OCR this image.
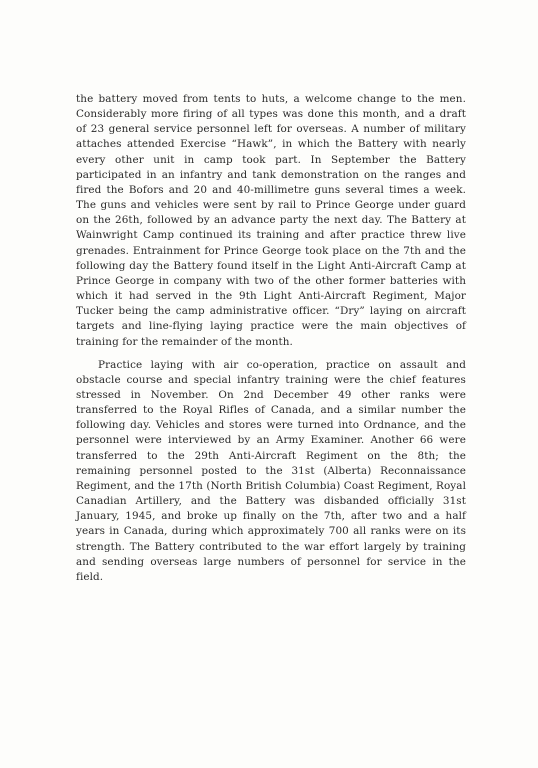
the battery moved from tents to huts, a welcome change to the men. Considerably more firing of all types was done this month, and a draft of 23 general service personnel left for overseas. A number of military attaches attended Exercise “Hawk”, in which the Battery with nearly every other unit in camp took part. In September the Battery participated in an infantry and tank demonstration on the ranges and fired the Bofors and 20 and 40-millimetre guns several times a week. The guns and vehicles were sent by rail to Prince George under guard on the 26th, followed by an advance party the next day. The Battery at Wainwright Camp continued its training and after practice threw live grenades. Entrainment for Prince George took place on the 7th and the following day the Battery found itself in the Light Anti-Aircraft Camp at Prince George in company with two of the other former batteries with which it had served in the 9th Light Anti-Aircraft Regiment, Major Tucker being the camp administrative officer. “Dry” laying on aircraft targets and line-flying laying practice were the main objectives of training for the remainder of the month.

Practice laying with air co-operation, practice on assault and obstacle course and special infantry training were the chief features stressed in November. On 2nd December 49 other ranks were transferred to the Royal Rifles of Canada, and a similar number the following day. Vehicles and stores were turned into Ordnance, and the personnel were interviewed by an Army Examiner. Another 66 were transferred to the 29th Anti-Aircraft Regiment on the 8th; the remaining personnel posted to the 31st (Alberta) Reconnaissance Regiment, and the 17th (North British Columbia) Coast Regiment, Royal Canadian Artillery, and the Battery was disbanded officially 31st January, 1945, and broke up finally on the 7th, after two and a half years in Canada, during which approximately 700 all ranks were on its strength. The Battery contributed to the war effort largely by training and sending overseas large numbers of personnel for service in the field.
